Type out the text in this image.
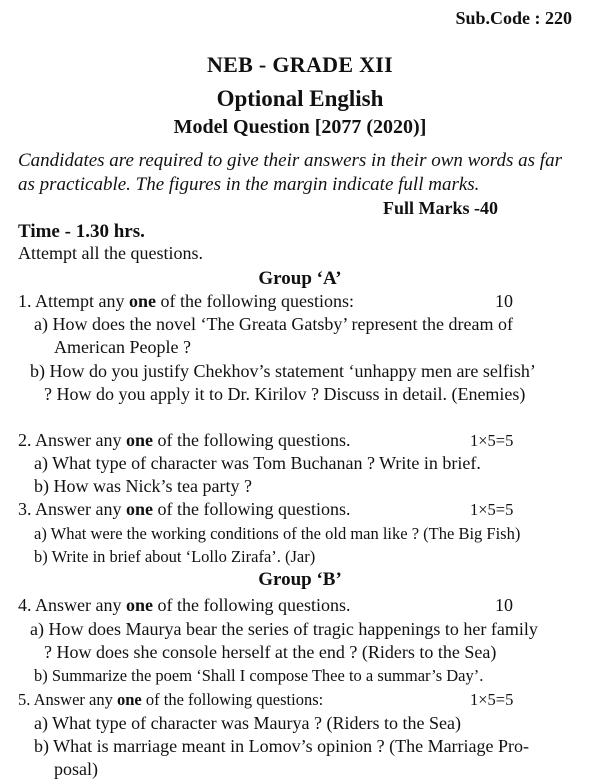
Sub.Code : 220
NEB - GRADE XII
Optional English
Model Question [2077 (2020)]
Candidates are required to give their answers in their own words as far
as practicable. The figures in the margin indicate full marks.
Full Marks -40
Time - 1.30 hrs.
Attempt all the questions.
Group ‘A’
1. Attempt any one of the following questions:	10
a) How does the novel ‘The Greata Gatsby’ represent the dream of
American People ?
b) How do you justify Chekhov’s statement ‘unhappy men are selfish’
? How do you apply it to Dr. Kirilov ? Discuss in detail. (Enemies)
2. Answer any one of the following questions.	1×5=5
a) What type of character was Tom Buchanan ? Write in brief.
b) How was Nick’s tea party ?
3. Answer any one of the following questions.	1×5=5
a) What were the working conditions of the old man like ? (The Big Fish)
b) Write in brief about ‘Lollo Zirafa’. (Jar)
Group ‘B’
4. Answer any one of the following questions.	10
a) How does Maurya bear the series of tragic happenings to her family
? How does she console herself at the end ? (Riders to the Sea)
b) Summarize the poem ‘Shall I compose Thee to a summar’s Day’.
5. Answer any one of the following questions:	1×5=5
a) What type of character was Maurya ? (Riders to the Sea)
b) What is marriage meant in Lomov’s opinion ? (The Marriage Pro-
posal)
